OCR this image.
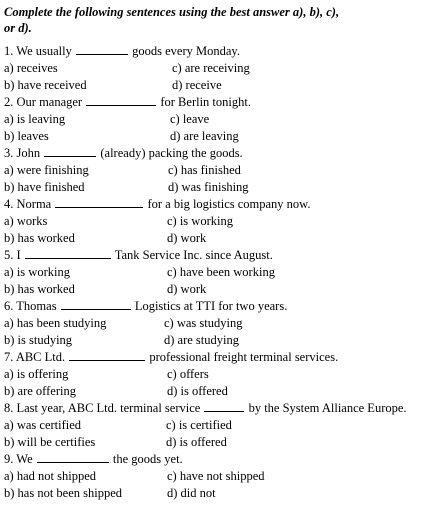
Complete the following sentences using the best answer a), b), c), or d).
1. We usually	goods every Monday.
a) receives	c) are receiving
b) have received	d) receive
2. Our manager	for Berlin tonight.
a) is leaving	c) leave
b) leaves	d) are leaving
3. John	(already) packing the goods.
a) were finishing	c) has finished
b) have finished	d) was finishing
4. Norma	for a big logistics company now.
a) works	c) is working
b) has worked	d) work
5. I	Tank Service Inc. since August.
a) is working	c) have been working
b) has worked	d) work
6. Thomas	Logistics at TTI for two years.
a) has been studying	c) was studying
b) is studying	d) are studying
7. ABC Ltd.	professional freight terminal services.
a) is offering	c) offers
b) are offering	d) is offered
8. Last year, ABC Ltd. terminal service	by the System Alliance Europe.
a) was certified	c) is certified
b) will be certifies	d) is offered
9. We	the goods yet.
a) had not shipped	c) have not shipped
b) has not been shipped	d) did not
